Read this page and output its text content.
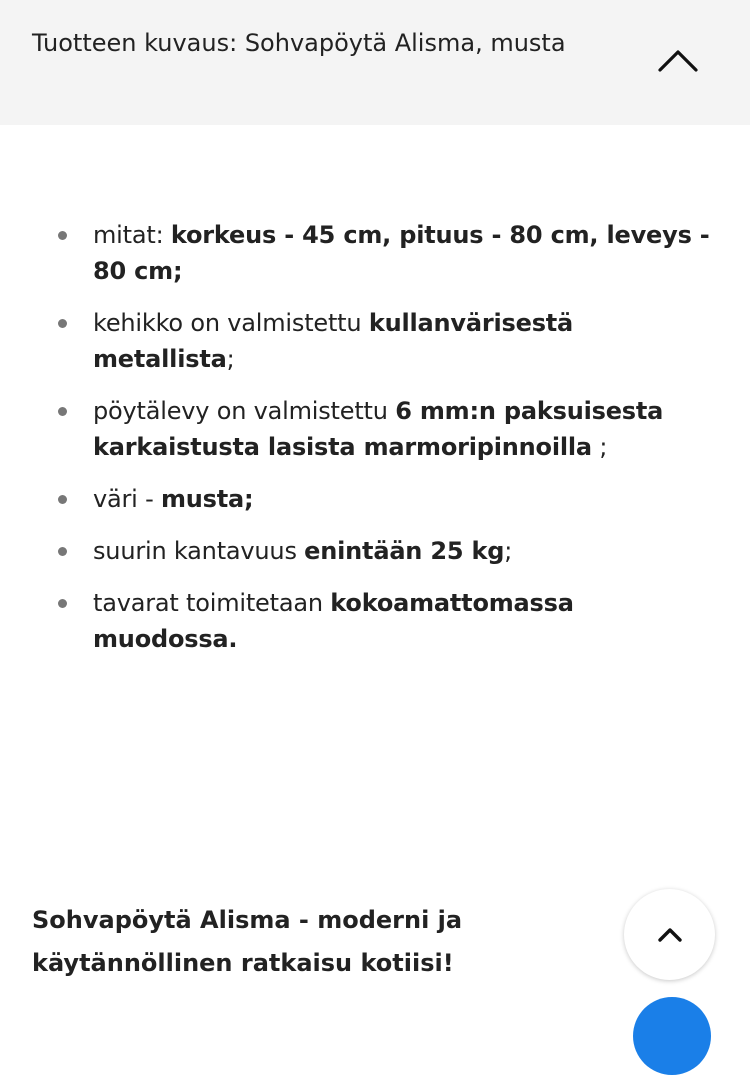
Tuotteen kuvaus: Sohvapöytä Alisma, musta
mitat: korkeus - 45 cm, pituus - 80 cm, leveys - 80 cm;
kehikko on valmistettu kullanvärisestä metallista;
pöytälevy on valmistettu 6 mm:n paksuisesta karkaistusta lasista marmoripinnoilla ;
väri - musta;
suurin kantavuus enintään 25 kg;
tavarat toimitetaan kokoamattomassa muodossa.
Sohvapöytä Alisma - moderni ja käytännöllinen ratkaisu kotiisi!
